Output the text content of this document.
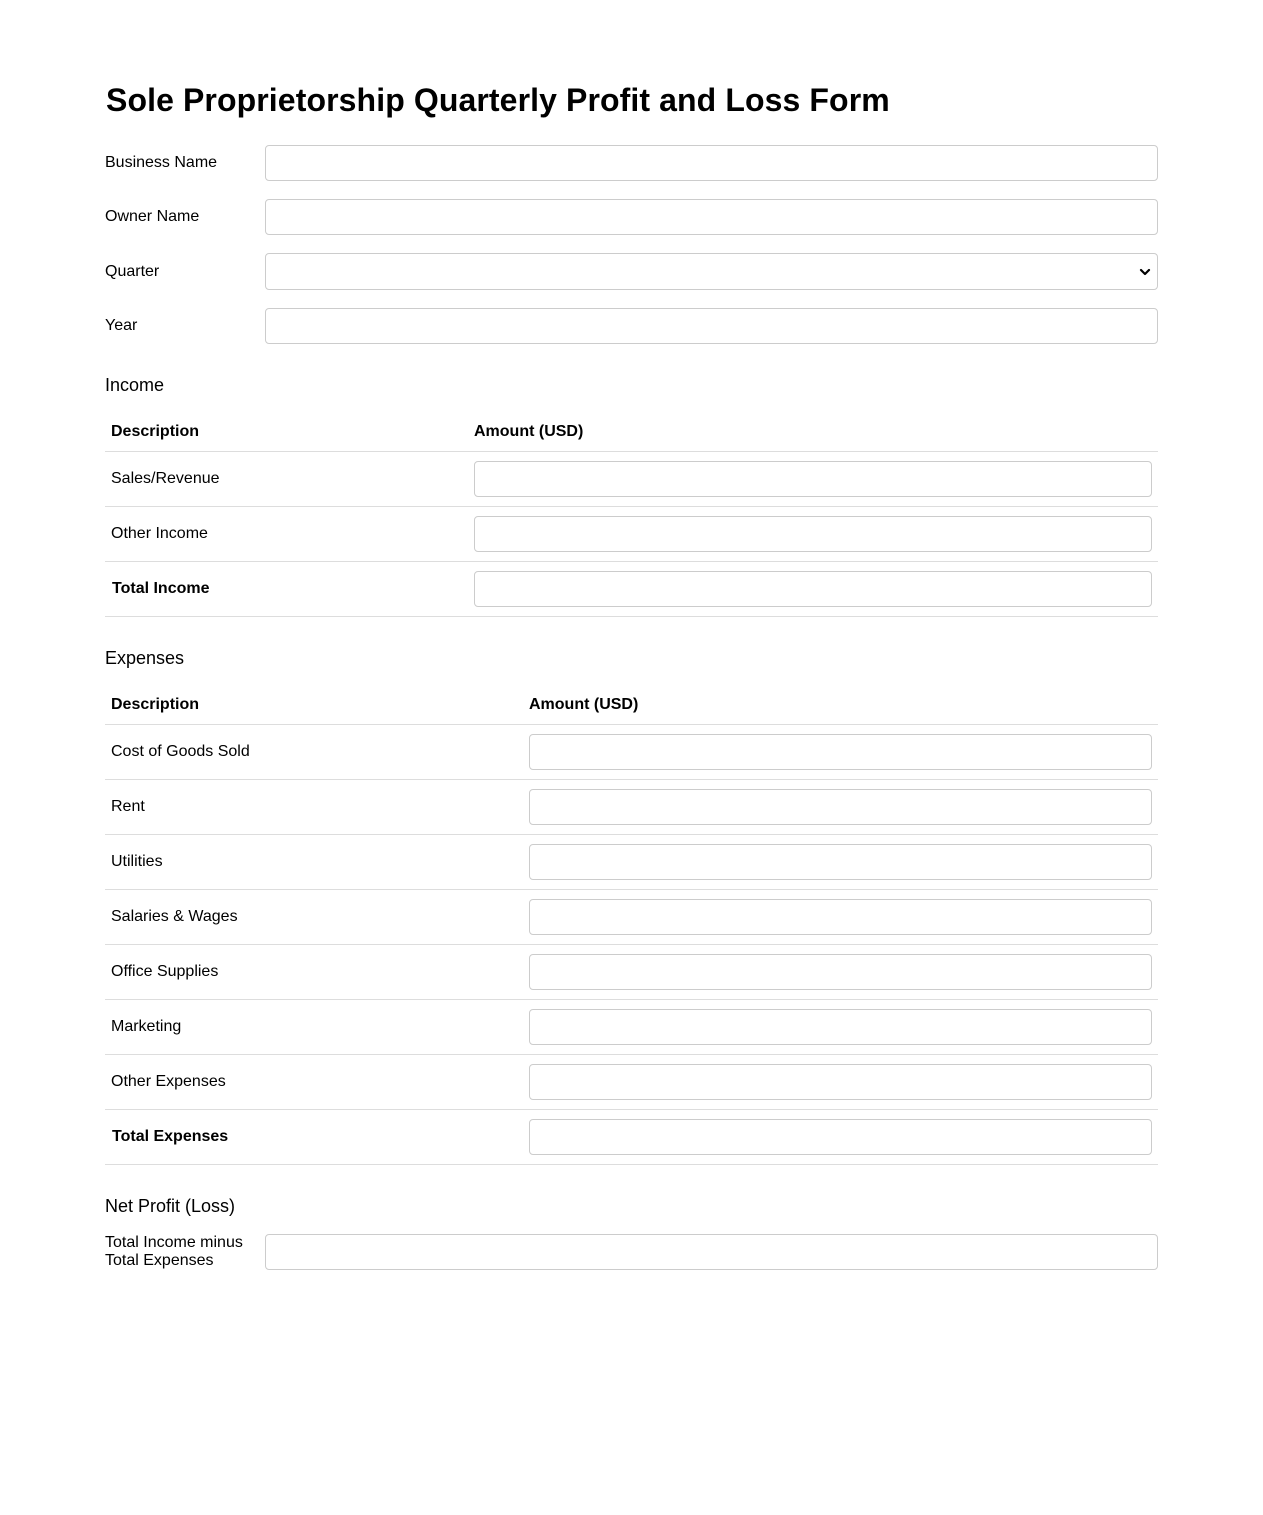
Sole Proprietorship Quarterly Profit and Loss Form
Business Name
Owner Name
Quarter
Year
Income
Description	Amount (USD)
Sales/Revenue	

Other Income	

Total Income	
Expenses
Description	Amount (USD)
Cost of Goods Sold	

Rent	

Utilities	

Salaries & Wages	

Office Supplies	

Marketing	

Other Expenses	

Total Expenses	
Net Profit (Loss)
Total Income minus
Total Expenses
